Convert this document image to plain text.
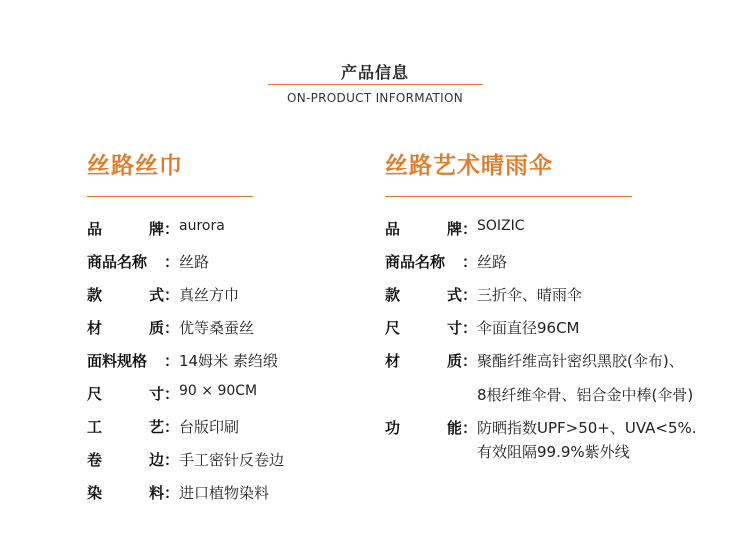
产品信息
ON-PRODUCT INFORMATION
丝路丝巾
品	牌： aurora
商品名称 ： 丝路
款	式： 真丝方巾
材	质： 优等桑蚕丝
面料规格 ： 14姆米 素绉缎
尺	寸： 90 × 90CM
工	艺： 台版印刷
卷	边： 手工密针反卷边
染	料： 进口植物染料
丝路艺术晴雨伞
品	牌： SOIZIC
商品名称 ： 丝路
款	式： 三折伞、晴雨伞
尺	寸： 伞面直径96CM
材	质： 聚酯纤维高针密织黑胶(伞布)、
8根纤维伞骨、铝合金中棒(伞骨)
功	能： 防晒指数UPF>50+、UVA<5%.
有效阻隔99.9%紫外线
